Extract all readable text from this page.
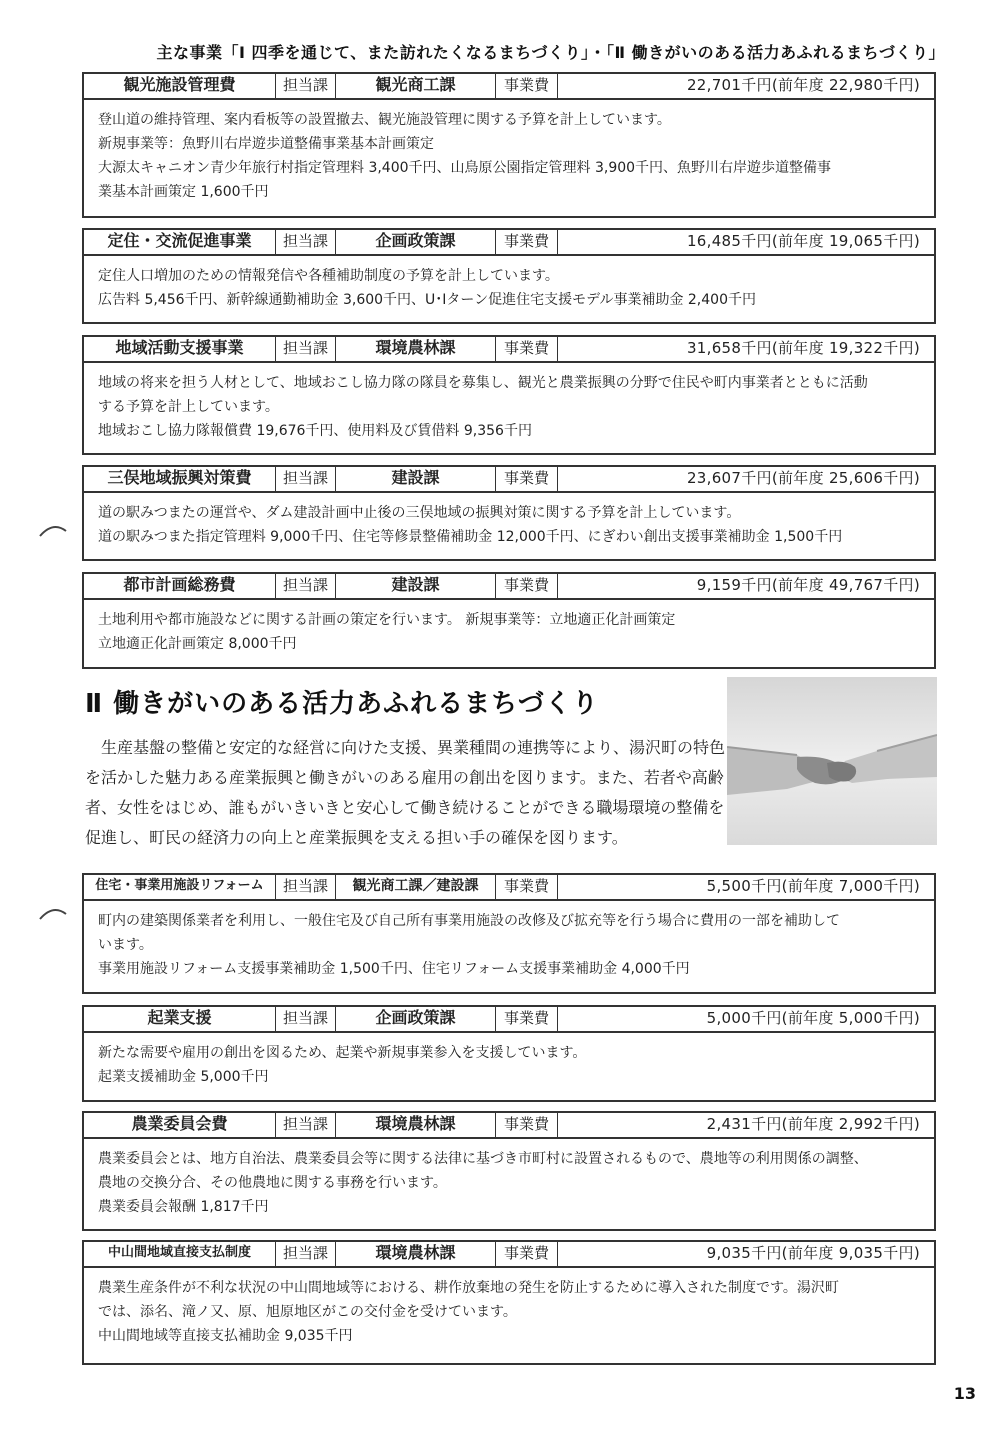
主な事業「Ⅰ 四季を通じて、また訪れたくなるまちづくり」・「Ⅱ 働きがいのある活力あふれるまちづくり」
観光施設管理費	担当課	観光商工課	事業費	22,701千円(前年度 22,980千円)

登山道の維持管理、案内看板等の設置撤去、観光施設管理に関する予算を計上しています。

新規事業等：魚野川右岸遊歩道整備事業基本計画策定

大源太キャニオン青少年旅行村指定管理料 3,400千円、山鳥原公園指定管理料 3,900千円、魚野川右岸遊歩道整備事

業基本計画策定 1,600千円

定住・交流促進事業	担当課	企画政策課	事業費	16,485千円(前年度 19,065千円)

定住人口増加のための情報発信や各種補助制度の予算を計上しています。

広告料 5,456千円、新幹線通勤補助金 3,600千円、U･Iターン促進住宅支援モデル事業補助金 2,400千円

地域活動支援事業	担当課	環境農林課	事業費	31,658千円(前年度 19,322千円)

地域の将来を担う人材として、地域おこし協力隊の隊員を募集し、観光と農業振興の分野で住民や町内事業者とともに活動

する予算を計上しています。

地域おこし協力隊報償費 19,676千円、使用料及び賃借料 9,356千円

三俣地域振興対策費	担当課	建設課	事業費	23,607千円(前年度 25,606千円)

道の駅みつまたの運営や、ダム建設計画中止後の三俣地域の振興対策に関する予算を計上しています。

道の駅みつまた指定管理料 9,000千円、住宅等修景整備補助金 12,000千円、にぎわい創出支援事業補助金 1,500千円

都市計画総務費	担当課	建設課	事業費	9,159千円(前年度 49,767千円)

土地利用や都市施設などに関する計画の策定を行います。 新規事業等：立地適正化計画策定

立地適正化計画策定 8,000千円

Ⅱ 働きがいのある活力あふれるまちづくり
生産基盤の整備と安定的な経営に向けた支援、異業種間の連携等により、湯沢町の特色を活かした魅力ある産業振興と働きがいのある雇用の創出を図ります。また、若者や高齢者、女性をはじめ、誰もがいきいきと安心して働き続けることができる職場環境の整備を促進し、町民の経済力の向上と産業振興を支える担い手の確保を図ります。
住宅・事業用施設リフォーム	担当課	観光商工課／建設課	事業費	5,500千円(前年度 7,000千円)

町内の建築関係業者を利用し、一般住宅及び自己所有事業用施設の改修及び拡充等を行う場合に費用の一部を補助して

います。

事業用施設リフォーム支援事業補助金 1,500千円、住宅リフォーム支援事業補助金 4,000千円

起業支援	担当課	企画政策課	事業費	5,000千円(前年度 5,000千円)

新たな需要や雇用の創出を図るため、起業や新規事業参入を支援しています。

起業支援補助金 5,000千円

農業委員会費	担当課	環境農林課	事業費	2,431千円(前年度 2,992千円)

農業委員会とは、地方自治法、農業委員会等に関する法律に基づき市町村に設置されるもので、農地等の利用関係の調整、

農地の交換分合、その他農地に関する事務を行います。

農業委員会報酬 1,817千円

中山間地域直接支払制度	担当課	環境農林課	事業費	9,035千円(前年度 9,035千円)

農業生産条件が不利な状況の中山間地域等における、耕作放棄地の発生を防止するために導入された制度です。湯沢町

では、添名、滝ノ又、原、旭原地区がこの交付金を受けています。

中山間地域等直接支払補助金 9,035千円

13
